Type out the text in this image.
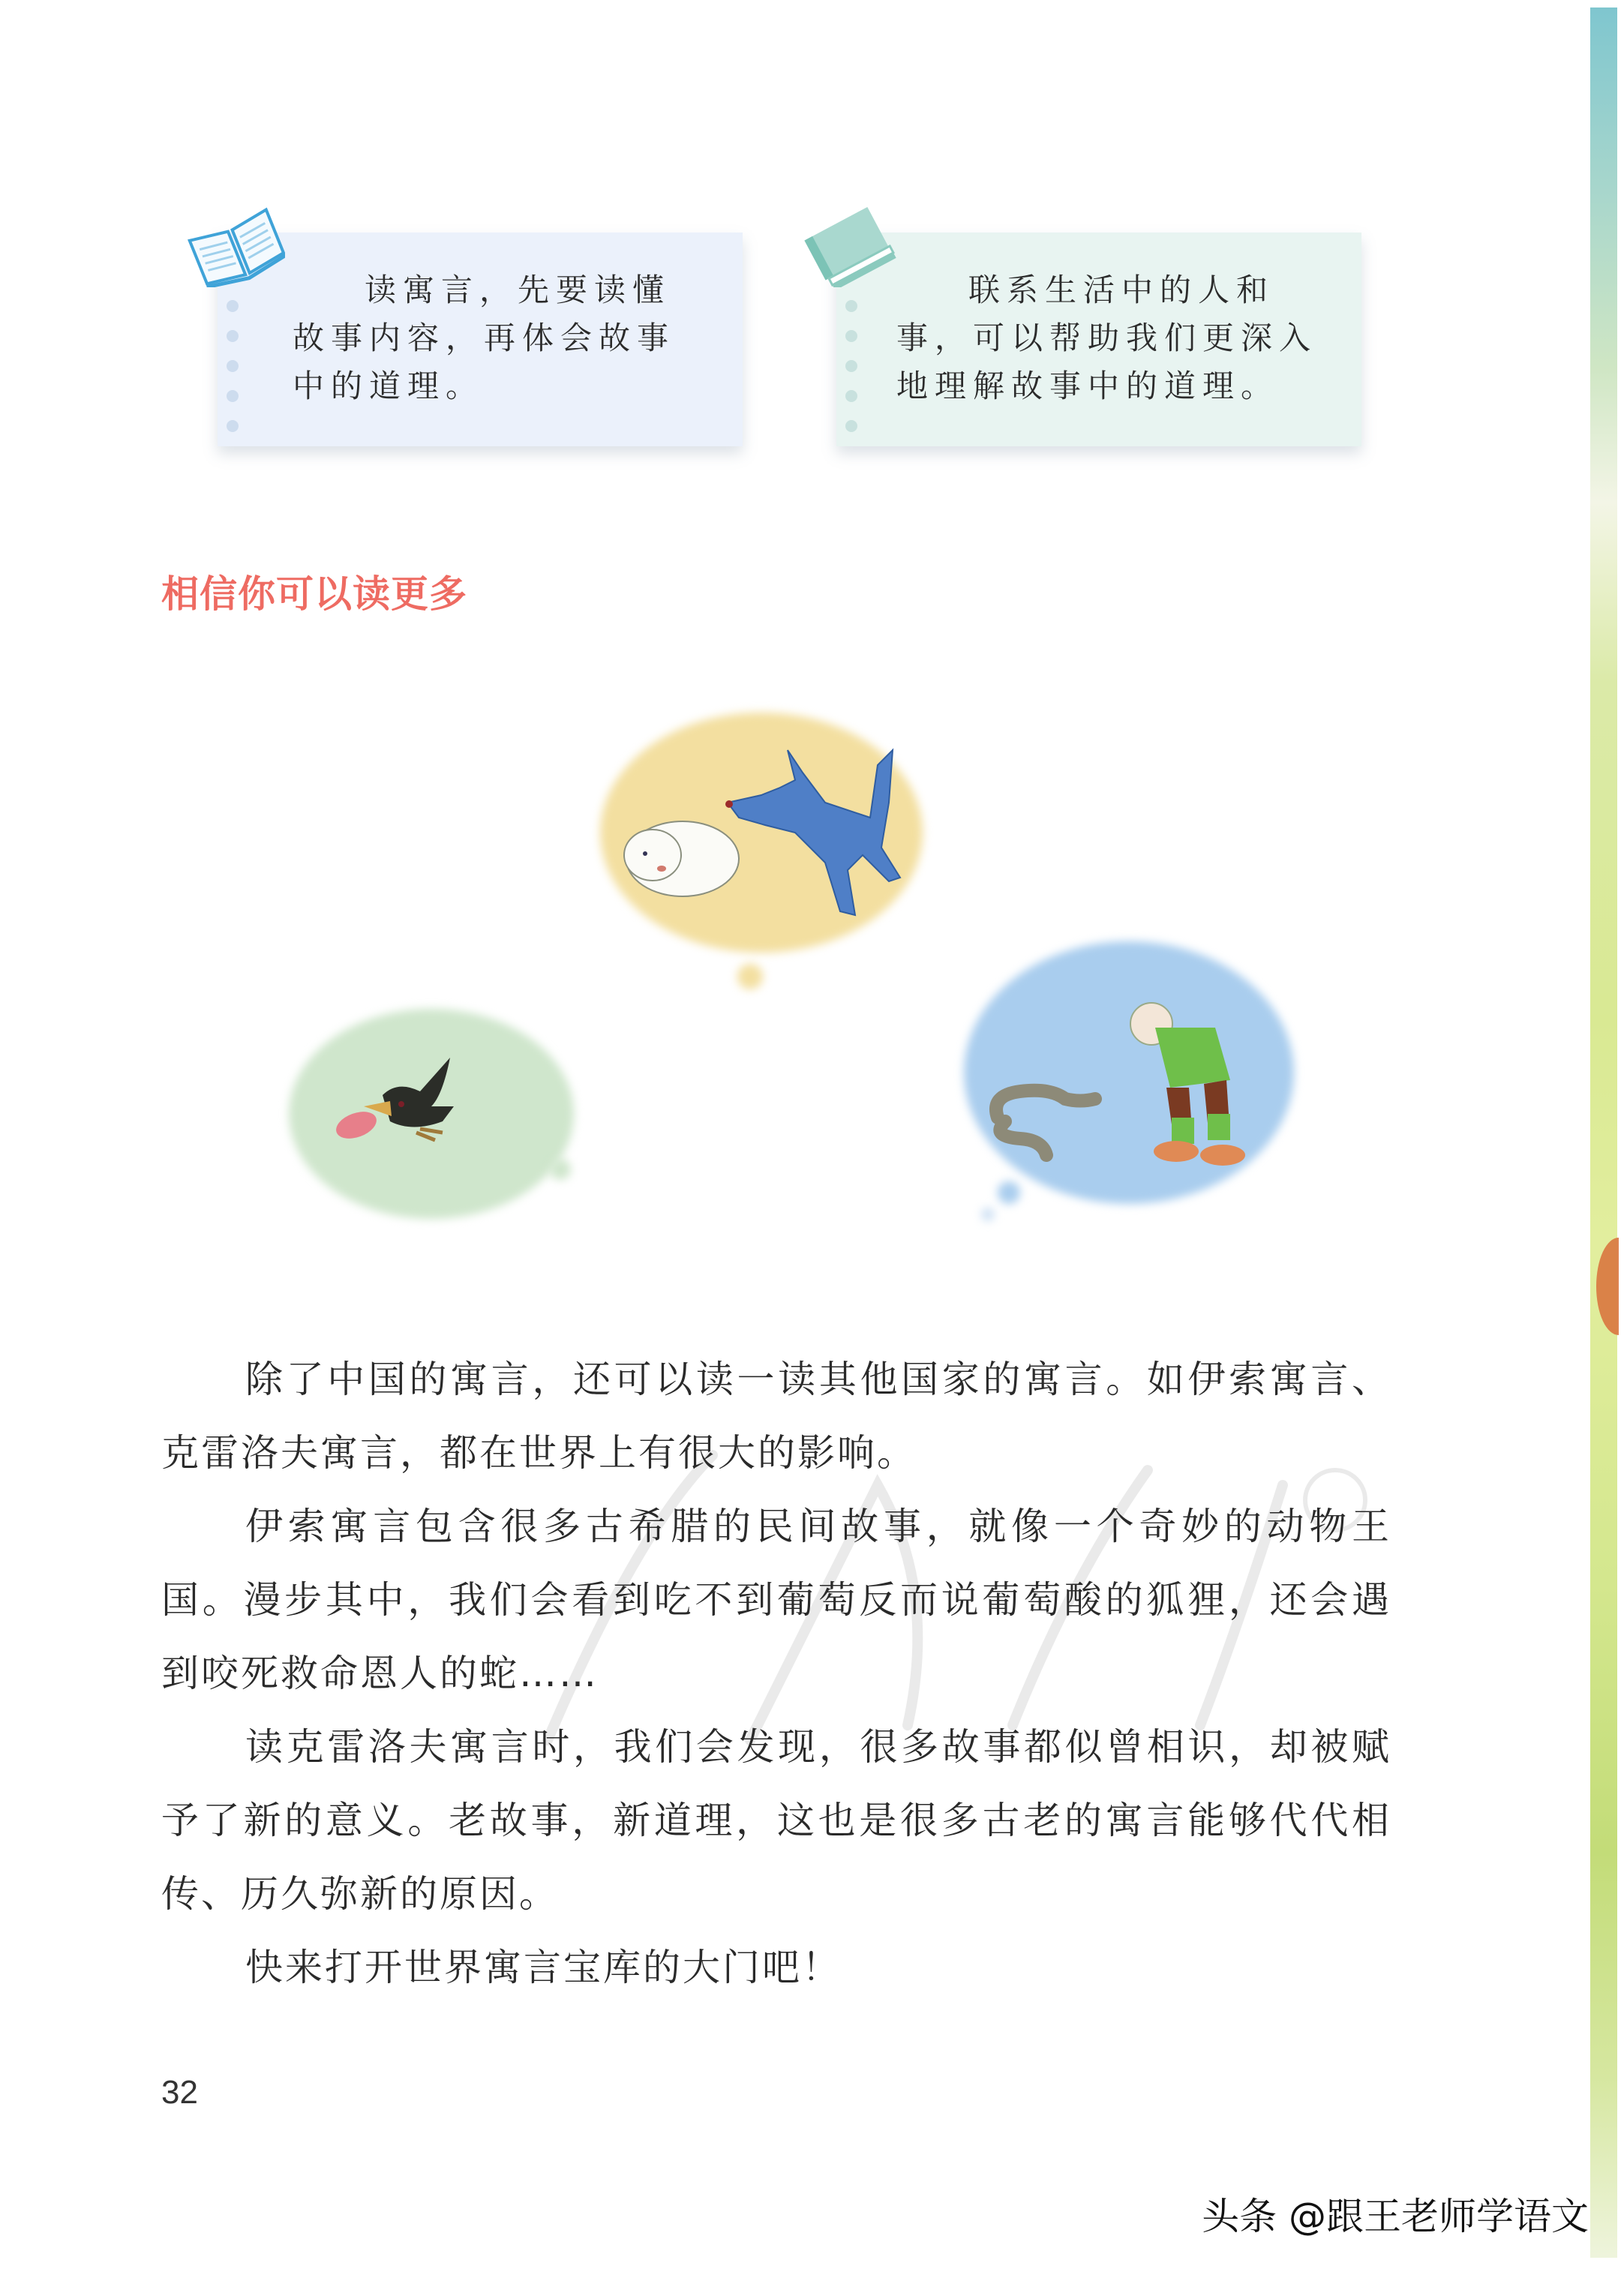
读寓言，先要读懂故事内容，再体会故事中的道理。
联系生活中的人和事，可以帮助我们更深入地理解故事中的道理。
相信你可以读更多

除了中国的寓言，还可以读一读其他国家的寓言。如伊索寓言、克雷洛夫寓言，都在世界上有很大的影响。

伊索寓言包含很多古希腊的民间故事，就像一个奇妙的动物王国。漫步其中，我们会看到吃不到葡萄反而说葡萄酸的狐狸，还会遇到咬死救命恩人的蛇……

读克雷洛夫寓言时，我们会发现，很多故事都似曾相识，却被赋予了新的意义。老故事，新道理，这也是很多古老的寓言能够代代相传、历久弥新的原因。

快来打开世界寓言宝库的大门吧！

32
头条 @跟王老师学语文
